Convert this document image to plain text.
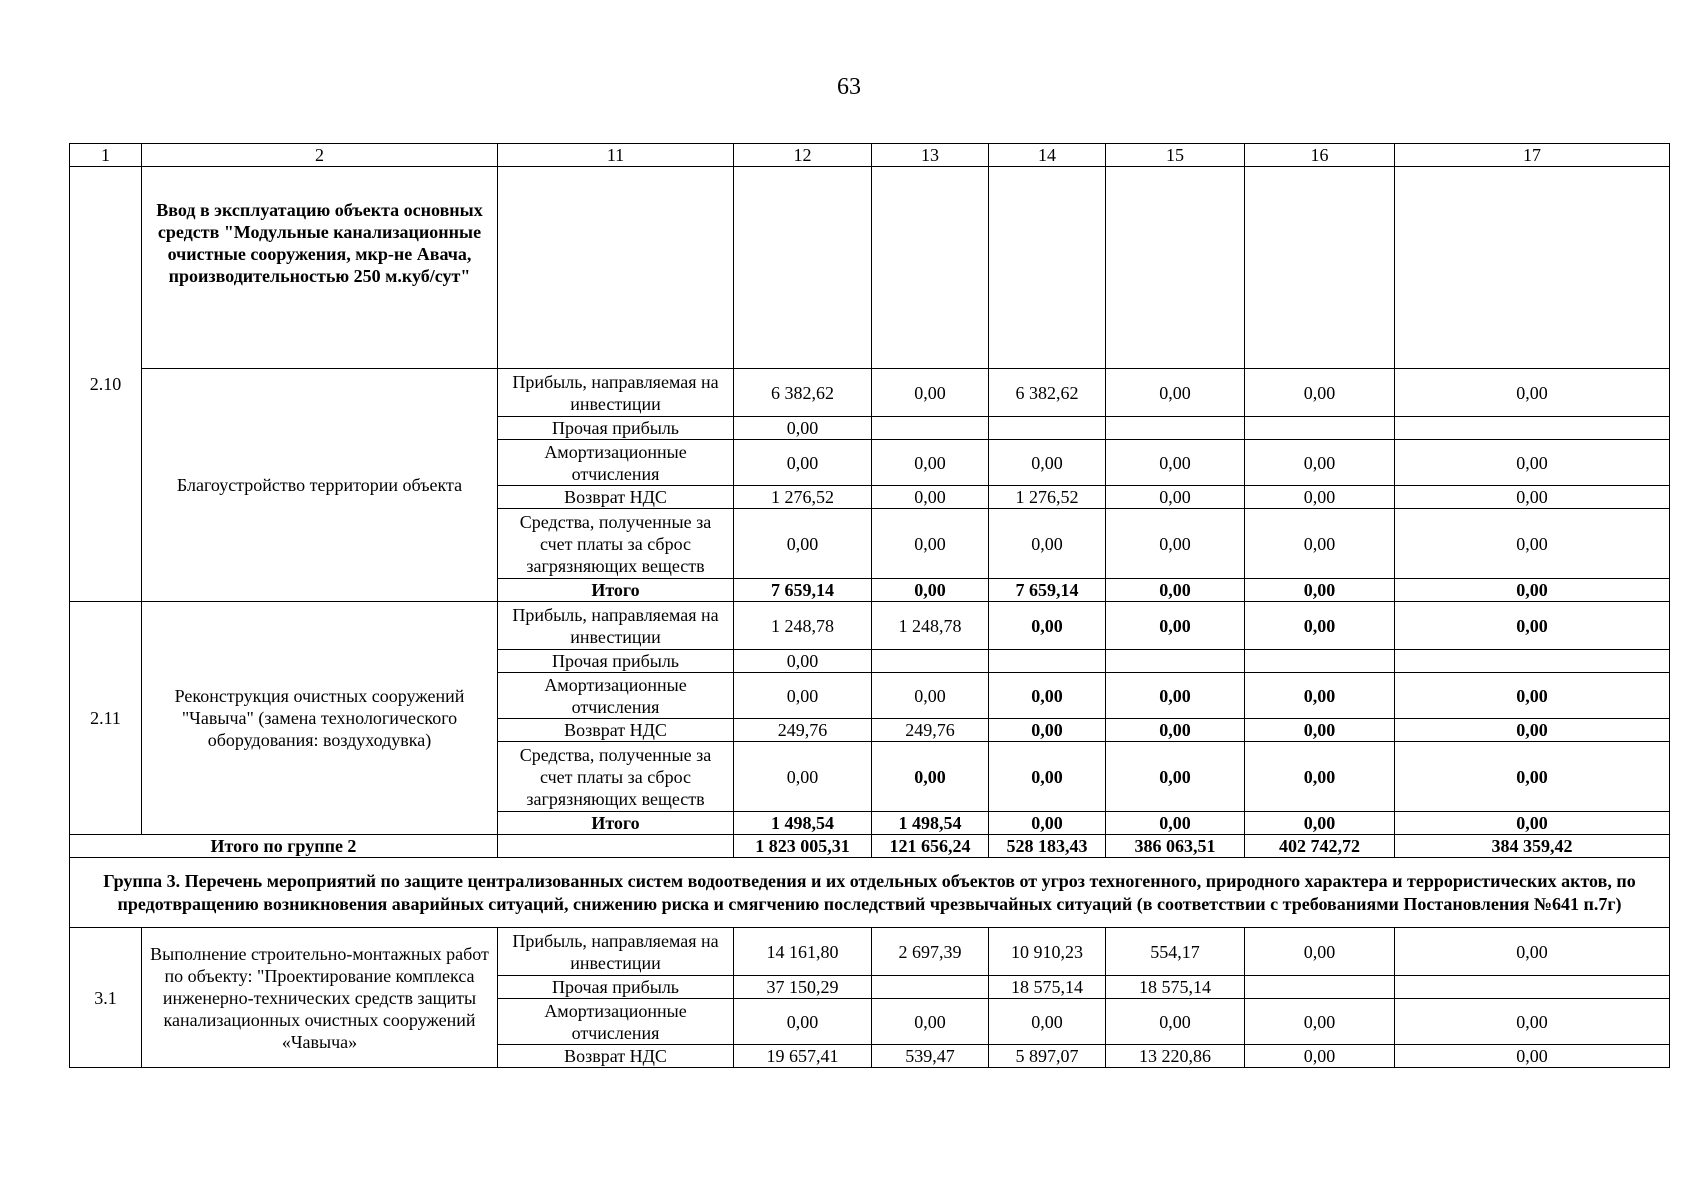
63
1	2	11	12	13	14	15	16	17
2.10	Ввод в эксплуатацию объекта основных средств "Модульные канализационные очистные сооружения, мкр-не Авача, производительностью 250 м.куб/сут"							
	Благоустройство территории объекта	Прибыль, направляемая на инвестиции	6 382,62	0,00	6 382,62	0,00	0,00	0,00
		Прочая прибыль	0,00					
		Амортизационные отчисления	0,00	0,00	0,00	0,00	0,00	0,00
		Возврат НДС	1 276,52	0,00	1 276,52	0,00	0,00	0,00
		Средства, полученные за счет платы за сброс загрязняющих веществ	0,00	0,00	0,00	0,00	0,00	0,00
		Итого	7 659,14	0,00	7 659,14	0,00	0,00	0,00
2.11	Реконструкция очистных сооружений "Чавыча" (замена технологического оборудования: воздуходувка)	Прибыль, направляемая на инвестиции	1 248,78	1 248,78	0,00	0,00	0,00	0,00
		Прочая прибыль	0,00					
		Амортизационные отчисления	0,00	0,00	0,00	0,00	0,00	0,00
		Возврат НДС	249,76	249,76	0,00	0,00	0,00	0,00
		Средства, полученные за счет платы за сброс загрязняющих веществ	0,00	0,00	0,00	0,00	0,00	0,00
		Итого	1 498,54	1 498,54	0,00	0,00	0,00	0,00
Итого по группе 2			1 823 005,31	121 656,24	528 183,43	386 063,51	402 742,72	384 359,42
Группа 3. Перечень мероприятий по защите централизованных систем водоотведения и их отдельных объектов от угроз техногенного, природного характера и террористических актов, по предотвращению возникновения аварийных ситуаций, снижению риска и смягчению последствий чрезвычайных ситуаций (в соответствии с требованиями Постановления №641 п.7г)								
3.1	Выполнение строительно-монтажных работ по объекту: "Проектирование комплекса инженерно-технических средств защиты канализационных очистных сооружений «Чавыча»	Прибыль, направляемая на инвестиции	14 161,80	2 697,39	10 910,23	554,17	0,00	0,00
		Прочая прибыль	37 150,29		18 575,14	18 575,14		
		Амортизационные отчисления	0,00	0,00	0,00	0,00	0,00	0,00
		Возврат НДС	19 657,41	539,47	5 897,07	13 220,86	0,00	0,00
